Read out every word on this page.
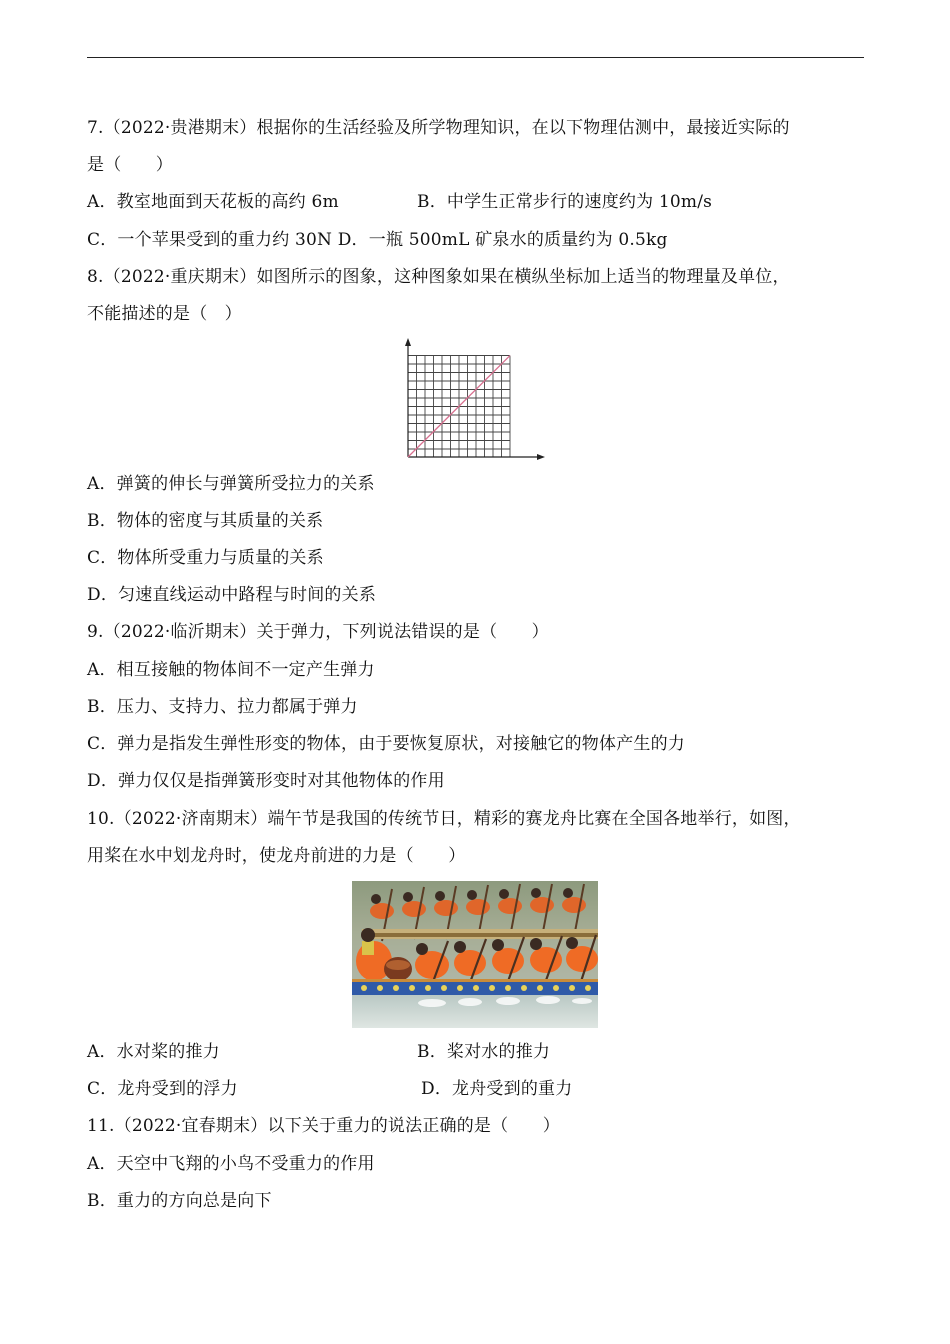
7.（2022·贵港期末）根据你的生活经验及所学物理知识，在以下物理估测中，最接近实际的
是（　　）
A．教室地面到天花板的高约 6m	B．中学生正常步行的速度约为 10m/s
C．一个苹果受到的重力约 30N D．一瓶 500mL 矿泉水的质量约为 0.5kg
8.（2022·重庆期末）如图所示的图象，这种图象如果在横纵坐标加上适当的物理量及单位，
不能描述的是（　）
A．弹簧的伸长与弹簧所受拉力的关系
B．物体的密度与其质量的关系
C．物体所受重力与质量的关系
D．匀速直线运动中路程与时间的关系
9.（2022·临沂期末）关于弹力，下列说法错误的是（　　）
A．相互接触的物体间不一定产生弹力
B．压力、支持力、拉力都属于弹力
C．弹力是指发生弹性形变的物体，由于要恢复原状，对接触它的物体产生的力
D．弹力仅仅是指弹簧形变时对其他物体的作用
10.（2022·济南期末）端午节是我国的传统节日，精彩的赛龙舟比赛在全国各地举行，如图，
用桨在水中划龙舟时，使龙舟前进的力是（　　）
A．水对桨的推力	B．桨对水的推力
C．龙舟受到的浮力	D．龙舟受到的重力
11.（2022·宜春期末）以下关于重力的说法正确的是（　　）
A．天空中飞翔的小鸟不受重力的作用
B．重力的方向总是向下
